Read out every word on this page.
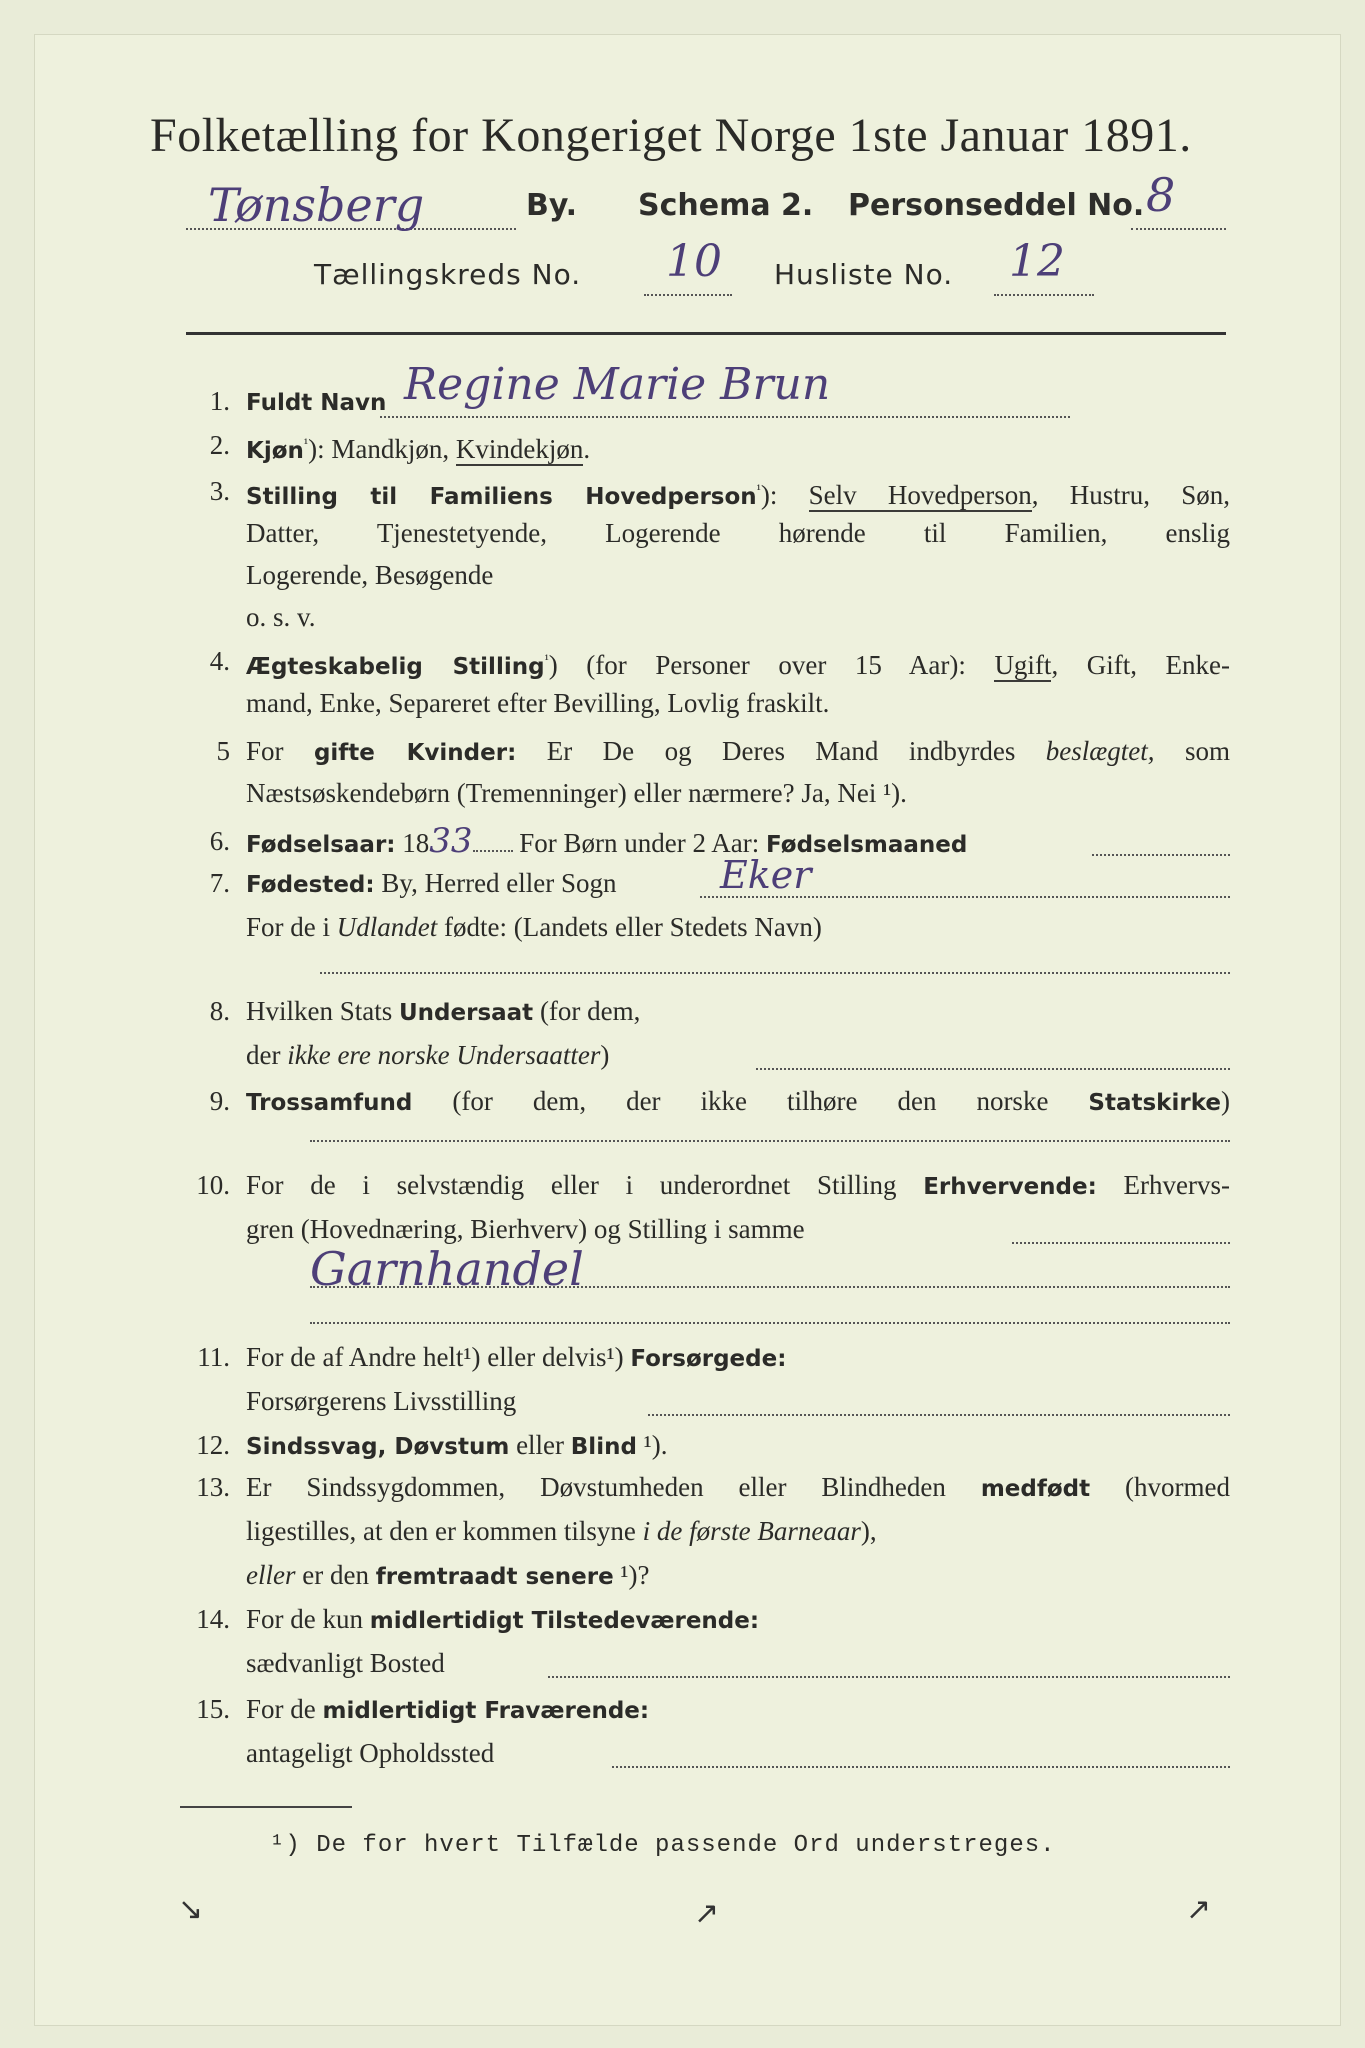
Folketælling for Kongeriget Norge 1ste Januar 1891.
Tønsberg	By. Schema 2. Personseddel No. 8
Tællingskreds No. 10 Husliste No. 12
1. Fuldt Navn Regine Marie Brun
2. Kjøn$^{^1}$): Mandkjøn, Kvindekjøn.
3. Stilling til Familiens Hovedperson$^{^1}$): Selv Hovedperson, Hustru, Søn,
Datter, Tjenestetyende, Logerende hørende til Familien, enslig
Logerende, Besøgende
o. s. v.
4. Ægteskabelig Stilling$^{^1}$) (for Personer over 15 Aar): Ugift, Gift, Enke-
mand, Enke, Separeret efter Bevilling, Lovlig fraskilt.
5 For gifte Kvinder: Er De og Deres Mand indbyrdes beslægtet, som
Næstsøskendebørn (Tremenninger) eller nærmere? Ja, Nei ¹).
6. Fødselsaar: 1833 For Børn under 2 Aar: Fødselsmaaned
7. Fødested: By, Herred eller Sogn	Eker
For de i Udlandet fødte: (Landets eller Stedets Navn)
8. Hvilken Stats Undersaat (for dem,
der ikke ere norske Undersaatter)
9. Trossamfund (for dem, der ikke tilhøre den norske Statskirke)
10. For de i selvstændig eller i underordnet Stilling Erhvervende: Erhvervs-
gren (Hovednæring, Bierhverv) og Stilling i samme
Garnhandel
11. For de af Andre helt¹) eller delvis¹) Forsørgede:
Forsørgerens Livsstilling
12. Sindssvag, Døvstum eller Blind ¹).
13. Er Sindssygdommen, Døvstumheden eller Blindheden medfødt (hvormed
ligestilles, at den er kommen tilsyne i de første Barneaar),
eller er den fremtraadt senere ¹)?
14. For de kun midlertidigt Tilstedeværende:
sædvanligt Bosted
15. For de midlertidigt Fraværende:
antageligt Opholdssted
¹) De for hvert Tilfælde passende Ord understreges.
↘	↗	↗
